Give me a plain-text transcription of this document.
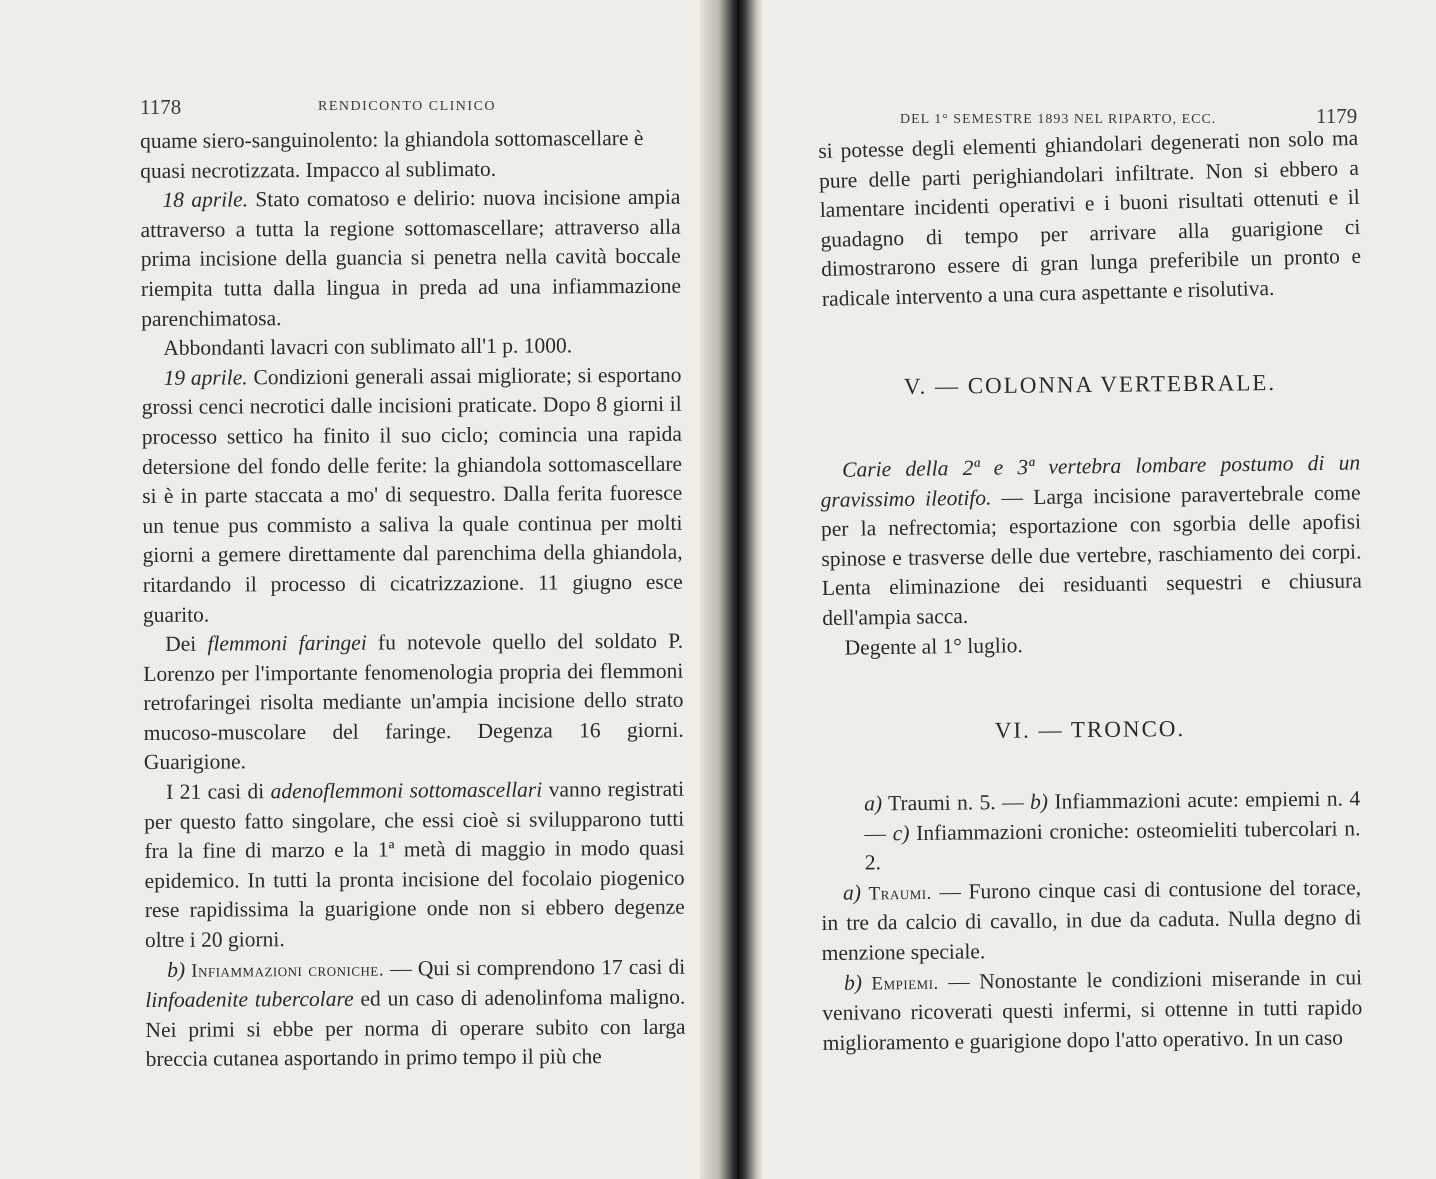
1178	RENDICONTO CLINICO

quame siero-sanguinolento: la ghiandola sottomascellare è

quasi necrotizzata. Impacco al sublimato.

18 aprile. Stato comatoso e delirio: nuova incisione ampia attraverso a tutta la regione sottomascellare; attraverso alla prima incisione della guancia si penetra nella cavità boccale riempita tutta dalla lingua in preda ad una infiammazione parenchimatosa.

Abbondanti lavacri con sublimato all'1 p. 1000.

19 aprile. Condizioni generali assai migliorate; si esportano grossi cenci necrotici dalle incisioni praticate. Dopo 8 giorni il processo settico ha finito il suo ciclo; comincia una rapida detersione del fondo delle ferite: la ghiandola sottomascellare si è in parte staccata a mo' di sequestro. Dalla ferita fuoresce un tenue pus commisto a saliva la quale continua per molti giorni a gemere direttamente dal parenchima della ghiandola, ritardando il processo di cicatrizzazione. 11 giugno esce guarito.

Dei flemmoni faringei fu notevole quello del soldato P. Lorenzo per l'importante fenomenologia propria dei flemmoni retrofaringei risolta mediante un'ampia incisione dello strato mucoso-muscolare del faringe. Degenza 16 giorni. Guarigione.

I 21 casi di adenoflemmoni sottomascellari vanno registrati per questo fatto singolare, che essi cioè si svilupparono tutti fra la fine di marzo e la 1ª metà di maggio in modo quasi epidemico. In tutti la pronta incisione del focolaio piogenico rese rapidissima la guarigione onde non si ebbero degenze oltre i 20 giorni.

b) Infiammazioni croniche. — Qui si comprendono 17 casi di linfoadenite tubercolare ed un caso di adenolinfoma maligno. Nei primi si ebbe per norma di operare subito con larga breccia cutanea asportando in primo tempo il più che

DEL 1° SEMESTRE 1893 NEL RIPARTO, ECC.	1179

si potesse degli elementi ghiandolari degenerati non solo ma pure delle parti perighiandolari infiltrate. Non si ebbero a lamentare incidenti operativi e i buoni risultati ottenuti e il guadagno di tempo per arrivare alla guarigione ci dimostrarono essere di gran lunga preferibile un pronto e radicale intervento a una cura aspettante e risolutiva.

V. — COLONNA VERTEBRALE.

Carie della 2ª e 3ª vertebra lombare postumo di un gravissimo ileotifo. — Larga incisione paravertebrale come per la nefrectomia; esportazione con sgorbia delle apofisi spinose e trasverse delle due vertebre, raschiamento dei corpi. Lenta eliminazione dei residuanti sequestri e chiusura dell'ampia sacca.

Degente al 1° luglio.

VI. — TRONCO.

a) Traumi n. 5. — b) Infiammazioni acute: empiemi n. 4 — c) Infiammazioni croniche: osteomieliti tubercolari n. 2.

a) Traumi. — Furono cinque casi di contusione del torace, in tre da calcio di cavallo, in due da caduta. Nulla degno di menzione speciale.

b) Empiemi. — Nonostante le condizioni miserande in cui venivano ricoverati questi infermi, si ottenne in tutti rapido miglioramento e guarigione dopo l'atto operativo. In un caso
